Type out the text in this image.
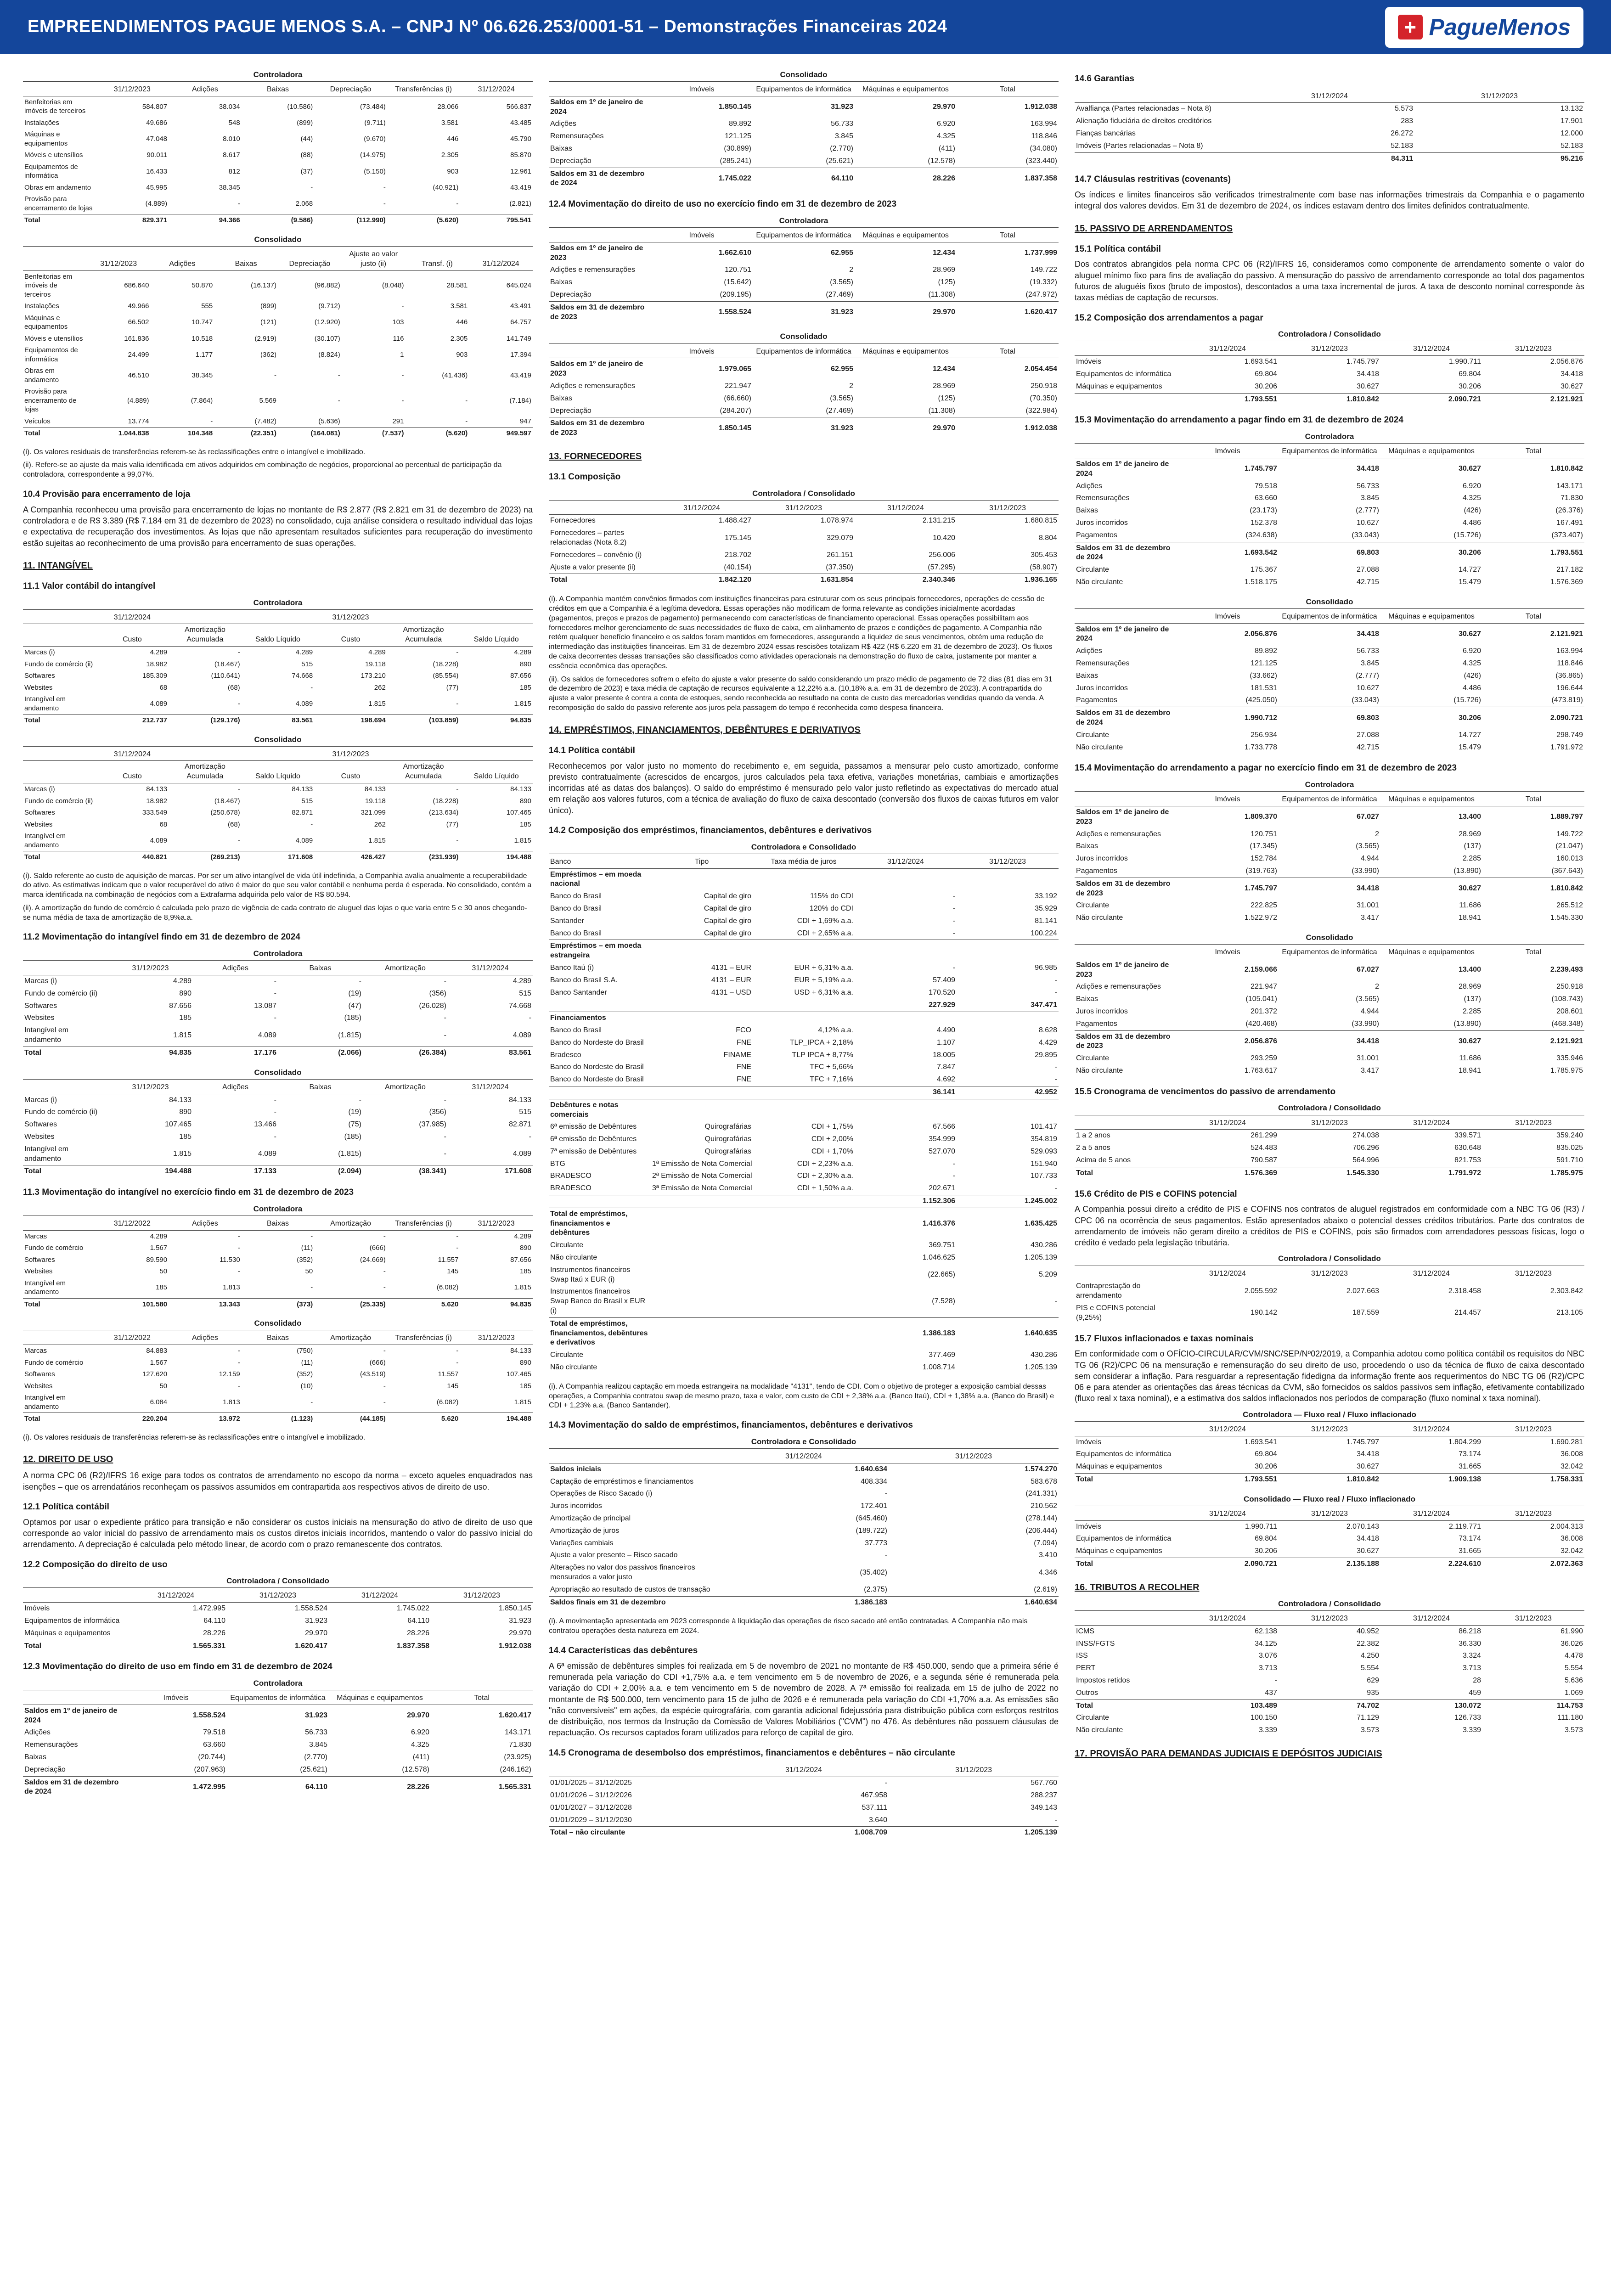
EMPREENDIMENTOS PAGUE MENOS S.A. – CNPJ Nº 06.626.253/0001-51 – Demonstrações Financeiras 2024	+ PagueMenos
Controladora
	31/12/2023	Adições	Baixas	Depreciação	Transferências (i)	31/12/2024
Benfeitorias em imóveis de terceiros	584.807	38.034	(10.586)	(73.484)	28.066	566.837
Instalações	49.686	548	(899)	(9.711)	3.581	43.485
Máquinas e equipamentos	47.048	8.010	(44)	(9.670)	446	45.790
Móveis e utensílios	90.011	8.617	(88)	(14.975)	2.305	85.870
Equipamentos de informática	16.433	812	(37)	(5.150)	903	12.961
Obras em andamento	45.995	38.345	-	-	(40.921)	43.419
Provisão para encerramento de lojas	(4.889)	-	2.068	-	-	(2.821)
Total	829.371	94.366	(9.586)	(112.990)	(5.620)	795.541
Consolidado
	31/12/2023	Adições	Baixas	Depreciação	Ajuste ao valor justo (ii)	Transf. (i)	31/12/2024
Benfeitorias em imóveis de terceiros	686.640	50.870	(16.137)	(96.882)	(8.048)	28.581	645.024
Instalações	49.966	555	(899)	(9.712)	-	3.581	43.491
Máquinas e equipamentos	66.502	10.747	(121)	(12.920)	103	446	64.757
Móveis e utensílios	161.836	10.518	(2.919)	(30.107)	116	2.305	141.749
Equipamentos de informática	24.499	1.177	(362)	(8.824)	1	903	17.394
Obras em andamento	46.510	38.345	-	-	-	(41.436)	43.419
Provisão para encerramento de lojas	(4.889)	(7.864)	5.569	-	-	-	(7.184)
Veículos	13.774	-	(7.482)	(5.636)	291	-	947
Total	1.044.838	104.348	(22.351)	(164.081)	(7.537)	(5.620)	949.597
(i). Os valores residuais de transferências referem-se às reclassificações entre o intangível e imobilizado.
(ii). Refere-se ao ajuste da mais valia identificada em ativos adquiridos em combinação de negócios, proporcional ao percentual de participação da controladora, correspondente a 99,07%.
10.4 Provisão para encerramento de loja
A Companhia reconheceu uma provisão para encerramento de lojas no montante de R$ 2.877 (R$ 2.821 em 31 de dezembro de 2023) na controladora e de R$ 3.389 (R$ 7.184 em 31 de dezembro de 2023) no consolidado, cuja análise considera o resultado individual das lojas e expectativa de recuperação dos investimentos. As lojas que não apresentam resultados suficientes para recuperação do investimento estão sujeitas ao reconhecimento de uma provisão para encerramento de suas operações.
11. INTANGÍVEL
11.1 Valor contábil do intangível
Controladora
	31/12/2024			31/12/2023		
	Custo	Amortização Acumulada	Saldo Líquido	Custo	Amortização Acumulada	Saldo Líquido
Marcas (i)	4.289	-	4.289	4.289	-	4.289
Fundo de comércio (ii)	18.982	(18.467)	515	19.118	(18.228)	890
Softwares	185.309	(110.641)	74.668	173.210	(85.554)	87.656
Websites	68	(68)	-	262	(77)	185
Intangível em andamento	4.089	-	4.089	1.815	-	1.815
Total	212.737	(129.176)	83.561	198.694	(103.859)	94.835
Consolidado
	31/12/2024			31/12/2023		
	Custo	Amortização Acumulada	Saldo Líquido	Custo	Amortização Acumulada	Saldo Líquido
Marcas (i)	84.133	-	84.133	84.133	-	84.133
Fundo de comércio (ii)	18.982	(18.467)	515	19.118	(18.228)	890
Softwares	333.549	(250.678)	82.871	321.099	(213.634)	107.465
Websites	68	(68)	-	262	(77)	185
Intangível em andamento	4.089	-	4.089	1.815	-	1.815
Total	440.821	(269.213)	171.608	426.427	(231.939)	194.488
(i). Saldo referente ao custo de aquisição de marcas. Por ser um ativo intangível de vida útil indefinida, a Companhia avalia anualmente a recuperabilidade do ativo. As estimativas indicam que o valor recuperável do ativo é maior do que seu valor contábil e nenhuma perda é esperada. No consolidado, contém a marca identificada na combinação de negócios com a Extrafarma adquirida pelo valor de R$ 80.594.
(ii). A amortização do fundo de comércio é calculada pelo prazo de vigência de cada contrato de aluguel das lojas o que varia entre 5 e 30 anos chegando-se numa média de taxa de amortização de 8,9%a.a.
11.2 Movimentação do intangível findo em 31 de dezembro de 2024
Controladora
	31/12/2023	Adições	Baixas	Amortização	31/12/2024
Marcas (i)	4.289	-	-	-	4.289
Fundo de comércio (ii)	890	-	(19)	(356)	515
Softwares	87.656	13.087	(47)	(26.028)	74.668
Websites	185	-	(185)	-	-
Intangível em andamento	1.815	4.089	(1.815)	-	4.089
Total	94.835	17.176	(2.066)	(26.384)	83.561
Consolidado
	31/12/2023	Adições	Baixas	Amortização	31/12/2024
Marcas (i)	84.133	-	-	-	84.133
Fundo de comércio (ii)	890	-	(19)	(356)	515
Softwares	107.465	13.466	(75)	(37.985)	82.871
Websites	185	-	(185)	-	-
Intangível em andamento	1.815	4.089	(1.815)	-	4.089
Total	194.488	17.133	(2.094)	(38.341)	171.608
11.3 Movimentação do intangível no exercício findo em 31 de dezembro de 2023
Controladora
	31/12/2022	Adições	Baixas	Amortização	Transferências (i)	31/12/2023
Marcas	4.289	-	-	-	-	4.289
Fundo de comércio	1.567	-	(11)	(666)	-	890
Softwares	89.590	11.530	(352)	(24.669)	11.557	87.656
Websites	50	-	50	-	145	185
Intangível em andamento	185	1.813	-	-	(6.082)	1.815
Total	101.580	13.343	(373)	(25.335)	5.620	94.835
Consolidado
	31/12/2022	Adições	Baixas	Amortização	Transferências (i)	31/12/2023
Marcas	84.883	-	(750)	-	-	84.133
Fundo de comércio	1.567	-	(11)	(666)	-	890
Softwares	127.620	12.159	(352)	(43.519)	11.557	107.465
Websites	50	-	(10)	-	145	185
Intangível em andamento	6.084	1.813	-	-	(6.082)	1.815
Total	220.204	13.972	(1.123)	(44.185)	5.620	194.488
(i). Os valores residuais de transferências referem-se às reclassificações entre o intangível e imobilizado.
12. DIREITO DE USO
A norma CPC 06 (R2)/IFRS 16 exige para todos os contratos de arrendamento no escopo da norma – exceto aqueles enquadrados nas isenções – que os arrendatários reconheçam os passivos assumidos em contrapartida aos respectivos ativos de direito de uso.
12.1 Política contábil
Optamos por usar o expediente prático para transição e não considerar os custos iniciais na mensuração do ativo de direito de uso que corresponde ao valor inicial do passivo de arrendamento mais os custos diretos iniciais incorridos, mantendo o valor do passivo inicial do arrendamento. A depreciação é calculada pelo método linear, de acordo com o prazo remanescente dos contratos.
12.2 Composição do direito de uso
Controladora / Consolidado
	31/12/2024	31/12/2023	31/12/2024	31/12/2023
Imóveis	1.472.995	1.558.524	1.745.022	1.850.145
Equipamentos de informática	64.110	31.923	64.110	31.923
Máquinas e equipamentos	28.226	29.970	28.226	29.970
Total	1.565.331	1.620.417	1.837.358	1.912.038
12.3 Movimentação do direito de uso em findo em 31 de dezembro de 2024
Controladora
	Imóveis	Equipamentos de informática	Máquinas e equipamentos	Total
Saldos em 1º de janeiro de 2024	1.558.524	31.923	29.970	1.620.417
Adições	79.518	56.733	6.920	143.171
Remensurações	63.660	3.845	4.325	71.830
Baixas	(20.744)	(2.770)	(411)	(23.925)
Depreciação	(207.963)	(25.621)	(12.578)	(246.162)
Saldos em 31 de dezembro de 2024	1.472.995	64.110	28.226	1.565.331
Consolidado
	Imóveis	Equipamentos de informática	Máquinas e equipamentos	Total
Saldos em 1º de janeiro de 2024	1.850.145	31.923	29.970	1.912.038
Adições	89.892	56.733	6.920	163.994
Remensurações	121.125	3.845	4.325	118.846
Baixas	(30.899)	(2.770)	(411)	(34.080)
Depreciação	(285.241)	(25.621)	(12.578)	(323.440)
Saldos em 31 de dezembro de 2024	1.745.022	64.110	28.226	1.837.358
12.4 Movimentação do direito de uso no exercício findo em 31 de dezembro de 2023
Controladora
	Imóveis	Equipamentos de informática	Máquinas e equipamentos	Total
Saldos em 1º de janeiro de 2023	1.662.610	62.955	12.434	1.737.999
Adições e remensurações	120.751	2	28.969	149.722
Baixas	(15.642)	(3.565)	(125)	(19.332)
Depreciação	(209.195)	(27.469)	(11.308)	(247.972)
Saldos em 31 de dezembro de 2023	1.558.524	31.923	29.970	1.620.417
Consolidado
	Imóveis	Equipamentos de informática	Máquinas e equipamentos	Total
Saldos em 1º de janeiro de 2023	1.979.065	62.955	12.434	2.054.454
Adições e remensurações	221.947	2	28.969	250.918
Baixas	(66.660)	(3.565)	(125)	(70.350)
Depreciação	(284.207)	(27.469)	(11.308)	(322.984)
Saldos em 31 de dezembro de 2023	1.850.145	31.923	29.970	1.912.038
13. FORNECEDORES
13.1 Composição
Controladora / Consolidado
	31/12/2024	31/12/2023	31/12/2024	31/12/2023
Fornecedores	1.488.427	1.078.974	2.131.215	1.680.815
Fornecedores – partes relacionadas (Nota 8.2)	175.145	329.079	10.420	8.804
Fornecedores – convênio (i)	218.702	261.151	256.006	305.453
Ajuste a valor presente (ii)	(40.154)	(37.350)	(57.295)	(58.907)
Total	1.842.120	1.631.854	2.340.346	1.936.165
(i). A Companhia mantém convênios firmados com instituições financeiras para estruturar com os seus principais fornecedores, operações de cessão de créditos em que a Companhia é a legítima devedora. Essas operações não modificam de forma relevante as condições inicialmente acordadas (pagamentos, preços e prazos de pagamento) permanecendo com características de financiamento operacional. Essas operações possibilitam aos fornecedores melhor gerenciamento de suas necessidades de fluxo de caixa, em alinhamento de prazos e condições de pagamento. A Companhia não retém qualquer benefício financeiro e os saldos foram mantidos em fornecedores, assegurando a liquidez de seus vencimentos, obtém uma redução de intermediação das instituições financeiras. Em 31 de dezembro 2024 essas rescisões totalizam R$ 422 (R$ 6.220 em 31 de dezembro de 2023). Os fluxos de caixa decorrentes dessas transações são classificados como atividades operacionais na demonstração do fluxo de caixa, justamente por manter a essência econômica das operações.
(ii). Os saldos de fornecedores sofrem o efeito do ajuste a valor presente do saldo considerando um prazo médio de pagamento de 72 dias (81 dias em 31 de dezembro de 2023) e taxa média de captação de recursos equivalente a 12,22% a.a. (10,18% a.a. em 31 de dezembro de 2023). A contrapartida do ajuste a valor presente é contra a conta de estoques, sendo reconhecida ao resultado na conta de custo das mercadorias vendidas quando da venda. A recomposição do saldo do passivo referente aos juros pela passagem do tempo é reconhecida como despesa financeira.
14. EMPRÉSTIMOS, FINANCIAMENTOS, DEBÊNTURES E DERIVATIVOS
14.1 Política contábil
Reconhecemos por valor justo no momento do recebimento e, em seguida, passamos a mensurar pelo custo amortizado, conforme previsto contratualmente (acrescidos de encargos, juros calculados pela taxa efetiva, variações monetárias, cambiais e amortizações incorridas até as datas dos balanços). O saldo do empréstimo é mensurado pelo valor justo refletindo as expectativas do mercado atual em relação aos valores futuros, com a técnica de avaliação do fluxo de caixa descontado (conversão dos fluxos de caixas futuros em valor único).
14.2 Composição dos empréstimos, financiamentos, debêntures e derivativos
Controladora e Consolidado
Banco	Tipo	Taxa média de juros	31/12/2024	31/12/2023
Empréstimos – em moeda nacional				
Banco do Brasil	Capital de giro	115% do CDI	-	33.192
Banco do Brasil	Capital de giro	120% do CDI	-	35.929
Santander	Capital de giro	CDI + 1,69% a.a.	-	81.141
Banco do Brasil	Capital de giro	CDI + 2,65% a.a.	-	100.224
Empréstimos – em moeda estrangeira				
Banco Itaú (i)	4131 – EUR	EUR + 6,31% a.a.	-	96.985
Banco do Brasil S.A.	4131 – EUR	EUR + 5,19% a.a.	57.409	-
Banco Santander	4131 – USD	USD + 6,31% a.a.	170.520	-
			227.929	347.471
Financiamentos				
Banco do Brasil	FCO	4,12% a.a.	4.490	8.628
Banco do Nordeste do Brasil	FNE	TLP_IPCA + 2,18%	1.107	4.429
Bradesco	FINAME	TLP IPCA + 8,77%	18.005	29.895
Banco do Nordeste do Brasil	FNE	TFC + 5,66%	7.847	-
Banco do Nordeste do Brasil	FNE	TFC + 7,16%	4.692	-
			36.141	42.952
Debêntures e notas comerciais				
6ª emissão de Debêntures	Quirografárias	CDI + 1,75%	67.566	101.417
6ª emissão de Debêntures	Quirografárias	CDI + 2,00%	354.999	354.819
7ª emissão de Debêntures	Quirografárias	CDI + 1,70%	527.070	529.093
BTG	1ª Emissão de Nota Comercial	CDI + 2,23% a.a.	-	151.940
BRADESCO	2ª Emissão de Nota Comercial	CDI + 2,30% a.a.	-	107.733
BRADESCO	3ª Emissão de Nota Comercial	CDI + 1,50% a.a.	202.671	-
			1.152.306	1.245.002
Total de empréstimos, financiamentos e debêntures			1.416.376	1.635.425
Circulante			369.751	430.286
Não circulante			1.046.625	1.205.139
Instrumentos financeiros Swap Itaú x EUR (i)			(22.665)	5.209
Instrumentos financeiros Swap Banco do Brasil x EUR (i)			(7.528)	-
Total de empréstimos, financiamentos, debêntures e derivativos			1.386.183	1.640.635
Circulante			377.469	430.286
Não circulante			1.008.714	1.205.139
(i). A Companhia realizou captação em moeda estrangeira na modalidade "4131", tendo de CDI. Com o objetivo de proteger a exposição cambial dessas operações, a Companhia contratou swap de mesmo prazo, taxa e valor, com custo de CDI + 2,38% a.a. (Banco Itaú), CDI + 1,38% a.a. (Banco do Brasil) e CDI + 1,23% a.a. (Banco Santander).
14.3 Movimentação do saldo de empréstimos, financiamentos, debêntures e derivativos
Controladora e Consolidado
	31/12/2024	31/12/2023
Saldos iniciais	1.640.634	1.574.270
Captação de empréstimos e financiamentos	408.334	583.678
Operações de Risco Sacado (i)	-	(241.331)
Juros incorridos	172.401	210.562
Amortização de principal	(645.460)	(278.144)
Amortização de juros	(189.722)	(206.444)
Variações cambiais	37.773	(7.094)
Ajuste a valor presente – Risco sacado	-	3.410
Alterações no valor dos passivos financeiros mensurados a valor justo	(35.402)	4.346
Apropriação ao resultado de custos de transação	(2.375)	(2.619)
Saldos finais em 31 de dezembro	1.386.183	1.640.634
(i). A movimentação apresentada em 2023 corresponde à liquidação das operações de risco sacado até então contratadas. A Companhia não mais contratou operações desta natureza em 2024.
14.4 Características das debêntures
A 6ª emissão de debêntures simples foi realizada em 5 de novembro de 2021 no montante de R$ 450.000, sendo que a primeira série é remunerada pela variação do CDI +1,75% a.a. e tem vencimento em 5 de novembro de 2026, e a segunda série é remunerada pela variação do CDI + 2,00% a.a. e tem vencimento em 5 de novembro de 2028. A 7ª emissão foi realizada em 15 de julho de 2022 no montante de R$ 500.000, tem vencimento para 15 de julho de 2026 e é remunerada pela variação do CDI +1,70% a.a. As emissões são "não conversíveis" em ações, da espécie quirografária, com garantia adicional fidejussória para distribuição pública com esforços restritos de distribuição, nos termos da Instrução da Comissão de Valores Mobiliários ("CVM") no 476. As debêntures não possuem cláusulas de repactuação. Os recursos captados foram utilizados para reforço de capital de giro.
14.5 Cronograma de desembolso dos empréstimos, financiamentos e debêntures – não circulante
	31/12/2024	31/12/2023
01/01/2025 – 31/12/2025	-	567.760
01/01/2026 – 31/12/2026	467.958	288.237
01/01/2027 – 31/12/2028	537.111	349.143
01/01/2029 – 31/12/2030	3.640	-
Total – não circulante	1.008.709	1.205.139
14.6 Garantias
	31/12/2024	31/12/2023
Avalfiança (Partes relacionadas – Nota 8)	5.573	13.132
Alienação fiduciária de direitos creditórios	283	17.901
Fianças bancárias	26.272	12.000
Imóveis (Partes relacionadas – Nota 8)	52.183	52.183
	84.311	95.216
14.7 Cláusulas restritivas (covenants)
Os índices e limites financeiros são verificados trimestralmente com base nas informações trimestrais da Companhia e o pagamento integral dos valores devidos. Em 31 de dezembro de 2024, os índices estavam dentro dos limites definidos contratualmente.
15. PASSIVO DE ARRENDAMENTOS
15.1 Política contábil
Dos contratos abrangidos pela norma CPC 06 (R2)/IFRS 16, consideramos como componente de arrendamento somente o valor do aluguel mínimo fixo para fins de avaliação do passivo. A mensuração do passivo de arrendamento corresponde ao total dos pagamentos futuros de aluguéis fixos (bruto de impostos), descontados a uma taxa incremental de juros. A taxa de desconto nominal corresponde às taxas médias de captação de recursos.
15.2 Composição dos arrendamentos a pagar
Controladora / Consolidado
	31/12/2024	31/12/2023	31/12/2024	31/12/2023
Imóveis	1.693.541	1.745.797	1.990.711	2.056.876
Equipamentos de informática	69.804	34.418	69.804	34.418
Máquinas e equipamentos	30.206	30.627	30.206	30.627
	1.793.551	1.810.842	2.090.721	2.121.921
15.3 Movimentação do arrendamento a pagar findo em 31 de dezembro de 2024
Controladora
	Imóveis	Equipamentos de informática	Máquinas e equipamentos	Total
Saldos em 1º de janeiro de 2024	1.745.797	34.418	30.627	1.810.842
Adições	79.518	56.733	6.920	143.171
Remensurações	63.660	3.845	4.325	71.830
Baixas	(23.173)	(2.777)	(426)	(26.376)
Juros incorridos	152.378	10.627	4.486	167.491
Pagamentos	(324.638)	(33.043)	(15.726)	(373.407)
Saldos em 31 de dezembro de 2024	1.693.542	69.803	30.206	1.793.551
Circulante	175.367	27.088	14.727	217.182
Não circulante	1.518.175	42.715	15.479	1.576.369
Consolidado
	Imóveis	Equipamentos de informática	Máquinas e equipamentos	Total
Saldos em 1º de janeiro de 2024	2.056.876	34.418	30.627	2.121.921
Adições	89.892	56.733	6.920	163.994
Remensurações	121.125	3.845	4.325	118.846
Baixas	(33.662)	(2.777)	(426)	(36.865)
Juros incorridos	181.531	10.627	4.486	196.644
Pagamentos	(425.050)	(33.043)	(15.726)	(473.819)
Saldos em 31 de dezembro de 2024	1.990.712	69.803	30.206	2.090.721
Circulante	256.934	27.088	14.727	298.749
Não circulante	1.733.778	42.715	15.479	1.791.972
15.4 Movimentação do arrendamento a pagar no exercício findo em 31 de dezembro de 2023
Controladora
	Imóveis	Equipamentos de informática	Máquinas e equipamentos	Total
Saldos em 1º de janeiro de 2023	1.809.370	67.027	13.400	1.889.797
Adições e remensurações	120.751	2	28.969	149.722
Baixas	(17.345)	(3.565)	(137)	(21.047)
Juros incorridos	152.784	4.944	2.285	160.013
Pagamentos	(319.763)	(33.990)	(13.890)	(367.643)
Saldos em 31 de dezembro de 2023	1.745.797	34.418	30.627	1.810.842
Circulante	222.825	31.001	11.686	265.512
Não circulante	1.522.972	3.417	18.941	1.545.330
Consolidado
	Imóveis	Equipamentos de informática	Máquinas e equipamentos	Total
Saldos em 1º de janeiro de 2023	2.159.066	67.027	13.400	2.239.493
Adições e remensurações	221.947	2	28.969	250.918
Baixas	(105.041)	(3.565)	(137)	(108.743)
Juros incorridos	201.372	4.944	2.285	208.601
Pagamentos	(420.468)	(33.990)	(13.890)	(468.348)
Saldos em 31 de dezembro de 2023	2.056.876	34.418	30.627	2.121.921
Circulante	293.259	31.001	11.686	335.946
Não circulante	1.763.617	3.417	18.941	1.785.975
15.5 Cronograma de vencimentos do passivo de arrendamento
Controladora / Consolidado
	31/12/2024	31/12/2023	31/12/2024	31/12/2023
1 a 2 anos	261.299	274.038	339.571	359.240
2 a 5 anos	524.483	706.296	630.648	835.025
Acima de 5 anos	790.587	564.996	821.753	591.710
Total	1.576.369	1.545.330	1.791.972	1.785.975
15.6 Crédito de PIS e COFINS potencial
A Companhia possui direito a crédito de PIS e COFINS nos contratos de aluguel registrados em conformidade com a NBC TG 06 (R3) / CPC 06 na ocorrência de seus pagamentos. Estão apresentados abaixo o potencial desses créditos tributários. Parte dos contratos de arrendamento de imóveis não geram direito a créditos de PIS e COFINS, pois são firmados com arrendadores pessoas físicas, logo o crédito é vedado pela legislação tributária.
Controladora / Consolidado
	31/12/2024	31/12/2023	31/12/2024	31/12/2023
Contraprestação do arrendamento	2.055.592	2.027.663	2.318.458	2.303.842
PIS e COFINS potencial (9,25%)	190.142	187.559	214.457	213.105
15.7 Fluxos inflacionados e taxas nominais
Em conformidade com o OFÍCIO-CIRCULAR/CVM/SNC/SEP/Nº02/2019, a Companhia adotou como política contábil os requisitos do NBC TG 06 (R2)/CPC 06 na mensuração e remensuração do seu direito de uso, procedendo o uso da técnica de fluxo de caixa descontado sem considerar a inflação. Para resguardar a representação fidedigna da informação frente aos requerimentos do NBC TG 06 (R2)/CPC 06 e para atender as orientações das áreas técnicas da CVM, são fornecidos os saldos passivos sem inflação, efetivamente contabilizado (fluxo real x taxa nominal), e a estimativa dos saldos inflacionados nos períodos de comparação (fluxo nominal x taxa nominal).
Controladora — Fluxo real / Fluxo inflacionado
	31/12/2024	31/12/2023	31/12/2024	31/12/2023
Imóveis	1.693.541	1.745.797	1.804.299	1.690.281
Equipamentos de informática	69.804	34.418	73.174	36.008
Máquinas e equipamentos	30.206	30.627	31.665	32.042
Total	1.793.551	1.810.842	1.909.138	1.758.331
Consolidado — Fluxo real / Fluxo inflacionado
	31/12/2024	31/12/2023	31/12/2024	31/12/2023
Imóveis	1.990.711	2.070.143	2.119.771	2.004.313
Equipamentos de informática	69.804	34.418	73.174	36.008
Máquinas e equipamentos	30.206	30.627	31.665	32.042
Total	2.090.721	2.135.188	2.224.610	2.072.363
16. TRIBUTOS A RECOLHER
Controladora / Consolidado
	31/12/2024	31/12/2023	31/12/2024	31/12/2023
ICMS	62.138	40.952	86.218	61.990
INSS/FGTS	34.125	22.382	36.330	36.026
ISS	3.076	4.250	3.324	4.478
PERT	3.713	5.554	3.713	5.554
Impostos retidos	-	629	28	5.636
Outros	437	935	459	1.069
Total	103.489	74.702	130.072	114.753
Circulante	100.150	71.129	126.733	111.180
Não circulante	3.339	3.573	3.339	3.573
17. PROVISÃO PARA DEMANDAS JUDICIAIS E DEPÓSITOS JUDICIAIS
